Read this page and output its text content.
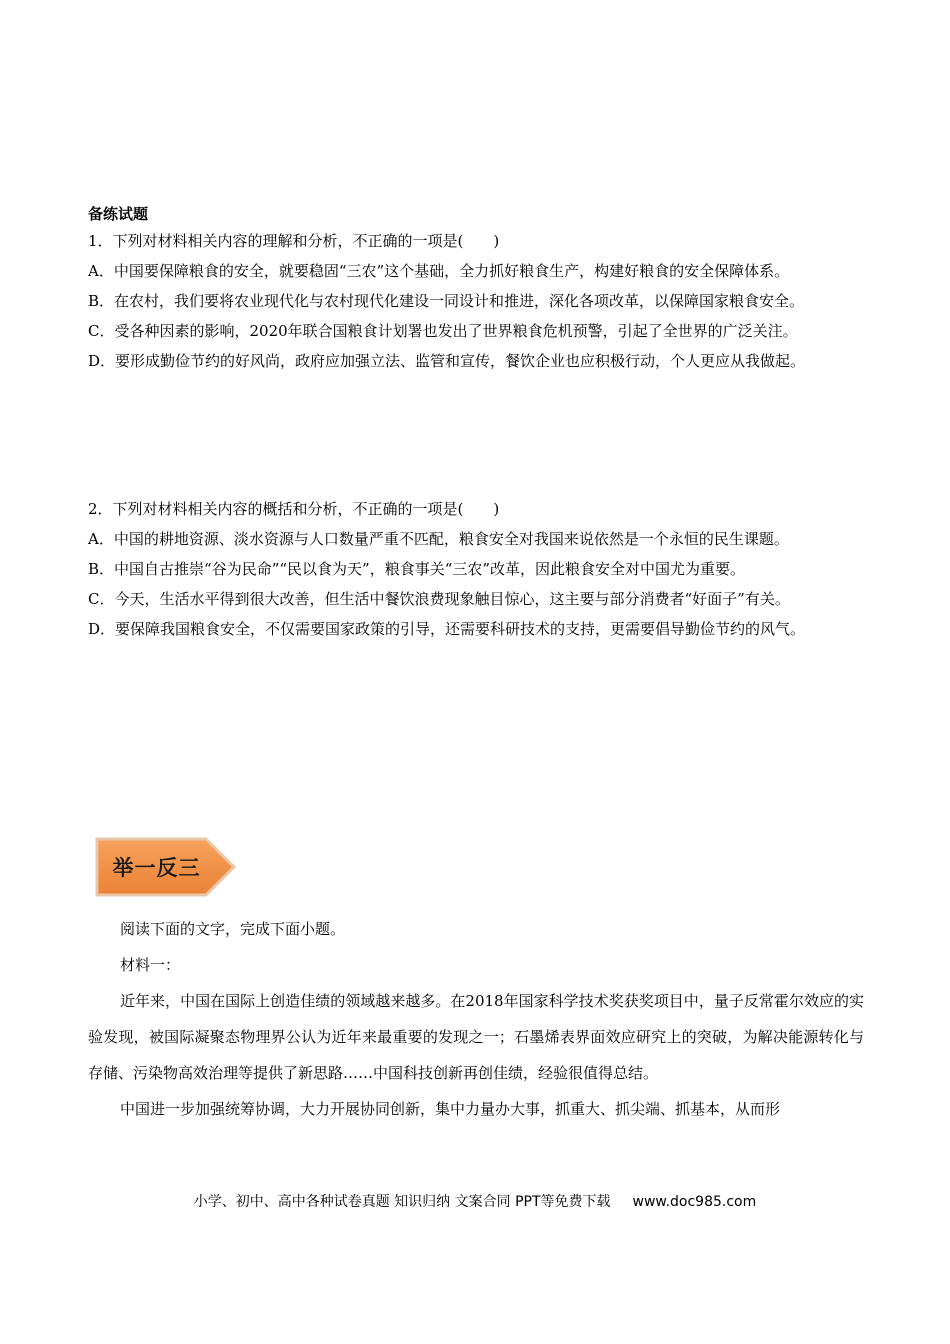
备练试题
1．下列对材料相关内容的理解和分析，不正确的一项是(　　)
A．中国要保障粮食的安全，就要稳固“三农”这个基础，全力抓好粮食生产，构建好粮食的安全保障体系。
B．在农村，我们要将农业现代化与农村现代化建设一同设计和推进，深化各项改革，以保障国家粮食安全。
C．受各种因素的影响，2020年联合国粮食计划署也发出了世界粮食危机预警，引起了全世界的广泛关注。
D．要形成勤俭节约的好风尚，政府应加强立法、监管和宣传，餐饮企业也应积极行动，个人更应从我做起。
2．下列对材料相关内容的概括和分析，不正确的一项是(　　)
A．中国的耕地资源、淡水资源与人口数量严重不匹配，粮食安全对我国来说依然是一个永恒的民生课题。
B．中国自古推崇“谷为民命”“民以食为天”，粮食事关“三农”改革，因此粮食安全对中国尤为重要。
C．今天，生活水平得到很大改善，但生活中餐饮浪费现象触目惊心，这主要与部分消费者“好面子”有关。
D．要保障我国粮食安全，不仅需要国家政策的引导，还需要科研技术的支持，更需要倡导勤俭节约的风气。
举一反三

阅读下面的文字，完成下面小题。

材料一：

近年来，中国在国际上创造佳绩的领域越来越多。在2018年国家科学技术奖获奖项目中，量子反常霍尔效应的实验发现，被国际凝聚态物理界公认为近年来最重要的发现之一；石墨烯表界面效应研究上的突破，为解决能源转化与存储、污染物高效治理等提供了新思路……中国科技创新再创佳绩，经验很值得总结。

中国进一步加强统筹协调，大力开展协同创新，集中力量办大事，抓重大、抓尖端、抓基本，从而形

小学、初中、高中各种试卷真题 知识归纳 文案合同 PPT等免费下载 www.doc985.com
